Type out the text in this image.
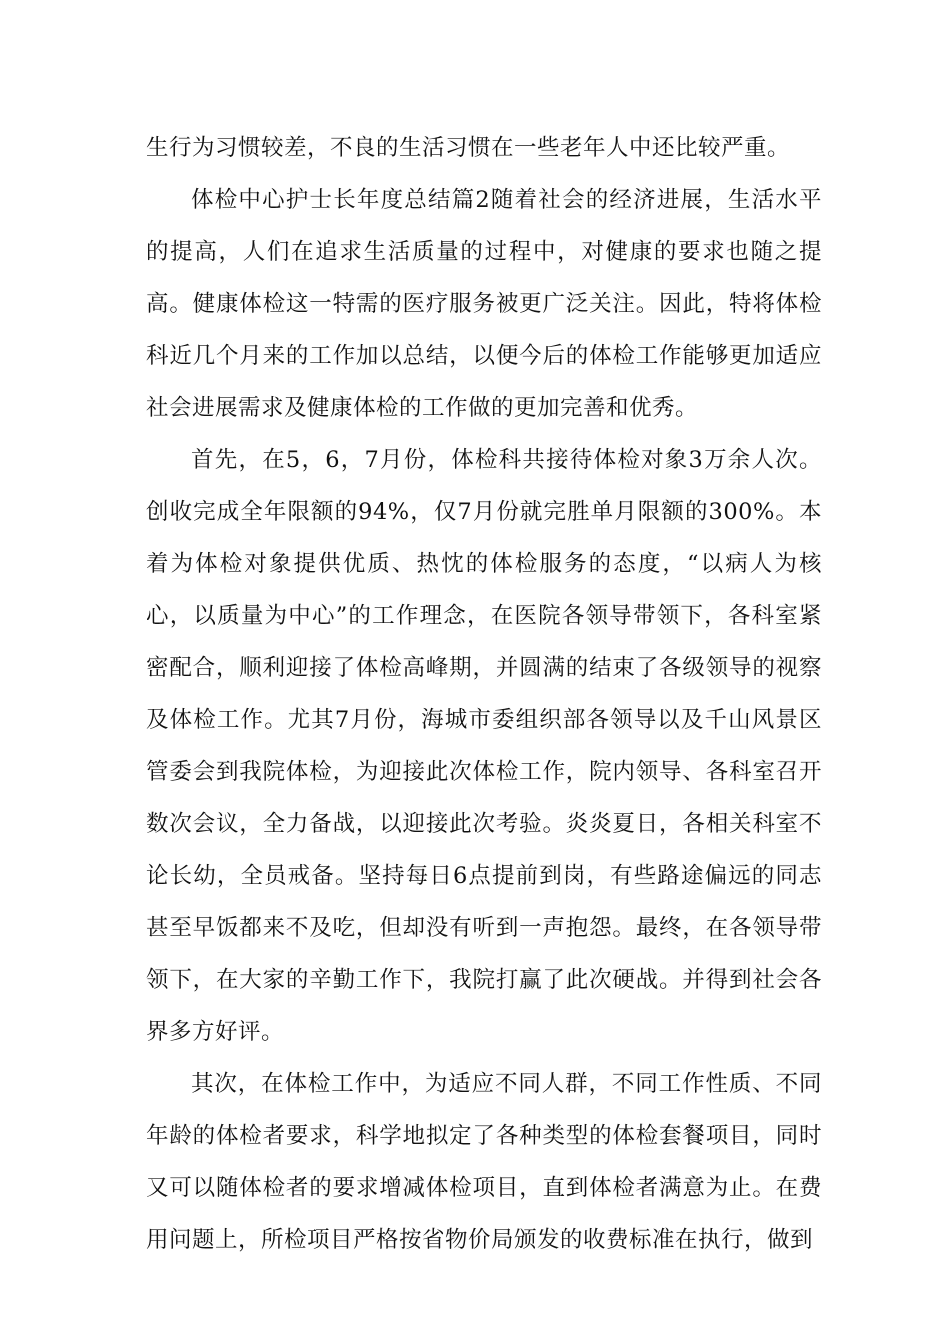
生行为习惯较差，不良的生活习惯在一些老年人中还比较严重。

体检中心护士长年度总结篇2随着社会的经济进展，生活水平的提高，人们在追求生活质量的过程中，对健康的要求也随之提高。健康体检这一特需的医疗服务被更广泛关注。因此，特将体检科近几个月来的工作加以总结，以便今后的体检工作能够更加适应社会进展需求及健康体检的工作做的更加完善和优秀。

首先，在5，6，7月份，体检科共接待体检对象3万余人次。创收完成全年限额的94%，仅7月份就完胜单月限额的300%。本着为体检对象提供优质、热忱的体检服务的态度，“以病人为核心，以质量为中心”的工作理念，在医院各领导带领下，各科室紧密配合，顺利迎接了体检高峰期，并圆满的结束了各级领导的视察及体检工作。尤其7月份，海城市委组织部各领导以及千山风景区管委会到我院体检，为迎接此次体检工作，院内领导、各科室召开数次会议，全力备战，以迎接此次考验。炎炎夏日，各相关科室不论长幼，全员戒备。坚持每日6点提前到岗，有些路途偏远的同志甚至早饭都来不及吃，但却没有听到一声抱怨。最终，在各领导带领下，在大家的辛勤工作下，我院打赢了此次硬战。并得到社会各界多方好评。

其次，在体检工作中，为适应不同人群，不同工作性质、不同年龄的体检者要求，科学地拟定了各种类型的体检套餐项目，同时又可以随体检者的要求增减体检项目，直到体检者满意为止。在费用问题上，所检项目严格按省物价局颁发的收费标准在执行，做到
